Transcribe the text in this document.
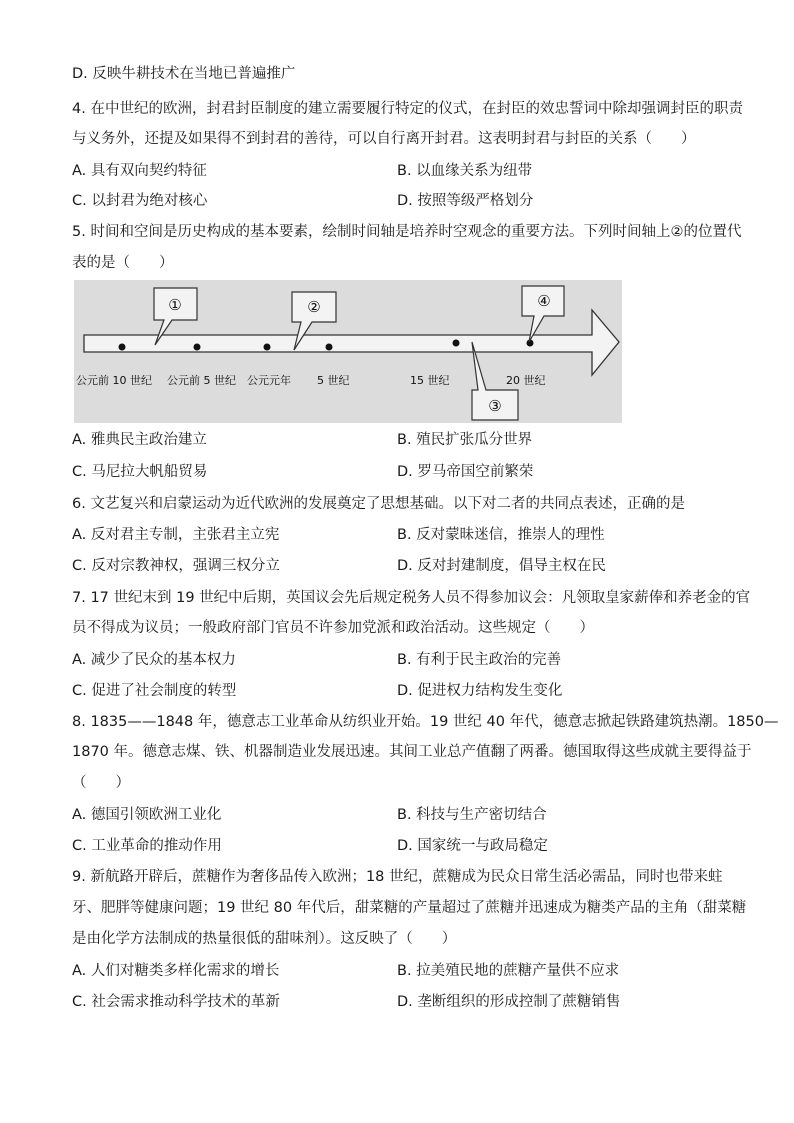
D. 反映牛耕技术在当地已普遍推广
4. 在中世纪的欧洲，封君封臣制度的建立需要履行特定的仪式，在封臣的效忠誓词中除却强调封臣的职责
与义务外，还提及如果得不到封君的善待，可以自行离开封君。这表明封君与封臣的关系（　　）
A. 具有双向契约特征	B. 以血缘关系为纽带
C. 以封君为绝对核心	D. 按照等级严格划分
5. 时间和空间是历史构成的基本要素，绘制时间轴是培养时空观念的重要方法。下列时间轴上②的位置代
表的是（　　）
①	②	④
③
公元前 10 世纪 公元前 5 世纪 公元元年 5 世纪	15 世纪	20 世纪
A. 雅典民主政治建立	B. 殖民扩张瓜分世界
C. 马尼拉大帆船贸易	D. 罗马帝国空前繁荣
6. 文艺复兴和启蒙运动为近代欧洲的发展奠定了思想基础。以下对二者的共同点表述，正确的是
A. 反对君主专制，主张君主立宪	B. 反对蒙昧迷信，推崇人的理性
C. 反对宗教神权，强调三权分立	D. 反对封建制度，倡导主权在民
7. 17 世纪末到 19 世纪中后期，英国议会先后规定税务人员不得参加议会：凡领取皇家薪俸和养老金的官
员不得成为议员；一般政府部门官员不许参加党派和政治活动。这些规定（　　）
A. 减少了民众的基本权力	B. 有利于民主政治的完善
C. 促进了社会制度的转型	D. 促进权力结构发生变化
8. 1835——1848 年，德意志工业革命从纺织业开始。19 世纪 40 年代，德意志掀起铁路建筑热潮。1850—
1870 年。德意志煤、铁、机器制造业发展迅速。其间工业总产值翻了两番。德国取得这些成就主要得益于
（　　）
A. 德国引领欧洲工业化	B. 科技与生产密切结合
C. 工业革命的推动作用	D. 国家统一与政局稳定
9. 新航路开辟后，蔗糖作为奢侈品传入欧洲；18 世纪，蔗糖成为民众日常生活必需品，同时也带来蛀
牙、肥胖等健康问题；19 世纪 80 年代后，甜菜糖的产量超过了蔗糖并迅速成为糖类产品的主角（甜菜糖
是由化学方法制成的热量很低的甜味剂）。这反映了（　　）
A. 人们对糖类多样化需求的增长	B. 拉美殖民地的蔗糖产量供不应求
C. 社会需求推动科学技术的革新	D. 垄断组织的形成控制了蔗糖销售
